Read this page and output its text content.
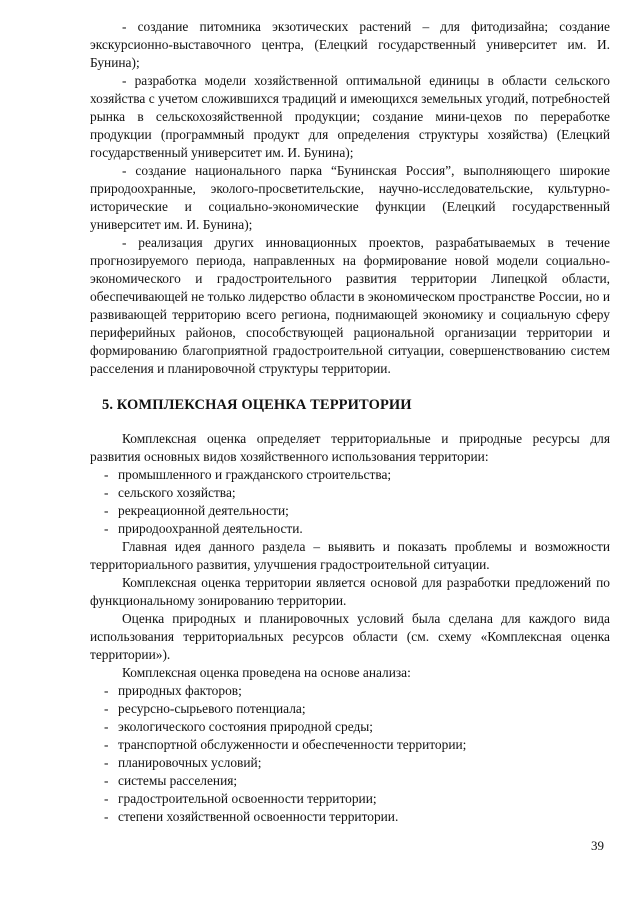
- создание питомника экзотических растений – для фитодизайна; создание экскурсионно-выставочного центра, (Елецкий государственный университет им. И. Бунина);

- разработка модели хозяйственной оптимальной единицы в области сельского хозяйства с учетом сложившихся традиций и имеющихся земельных угодий, потребностей рынка в сельскохозяйственной продукции; создание мини-цехов по переработке продукции (программный продукт для определения структуры хозяйства) (Елецкий государственный университет им. И. Бунина);

- создание национального парка “Бунинская Россия”, выполняющего широкие природоохранные, эколого-просветительские, научно-исследовательские, культурно-исторические и социально-экономические функции (Елецкий государственный университет им. И. Бунина);

- реализация других инновационных проектов, разрабатываемых в течение прогнозируемого периода, направленных на формирование новой модели социально-экономического и градостроительного развития территории Липецкой области, обеспечивающей не только лидерство области в экономическом пространстве России, но и развивающей территорию всего региона, поднимающей экономику и социальную сферу периферийных районов, способствующей рациональной организации территории и формированию благоприятной градостроительной ситуации, совершенствованию систем расселения и планировочной структуры территории.

5. КОМПЛЕКСНАЯ ОЦЕНКА ТЕРРИТОРИИ

Комплексная оценка определяет территориальные и природные ресурсы для развития основных видов хозяйственного использования территории:

- промышленного и гражданского строительства;
- сельского хозяйства;
- рекреационной деятельности;
- природоохранной деятельности.

Главная идея данного раздела – выявить и показать проблемы и возможности территориального развития, улучшения градостроительной ситуации.

Комплексная оценка территории является основой для разработки предложений по функциональному зонированию территории.

Оценка природных и планировочных условий была сделана для каждого вида использования территориальных ресурсов области (см. схему «Комплексная оценка территории»).

Комплексная оценка проведена на основе анализа:

- природных факторов;
- ресурсно-сырьевого потенциала;
- экологического состояния природной среды;
- транспортной обслуженности и обеспеченности территории;
- планировочных условий;
- системы расселения;
- градостроительной освоенности территории;
- степени хозяйственной освоенности территории.
39
